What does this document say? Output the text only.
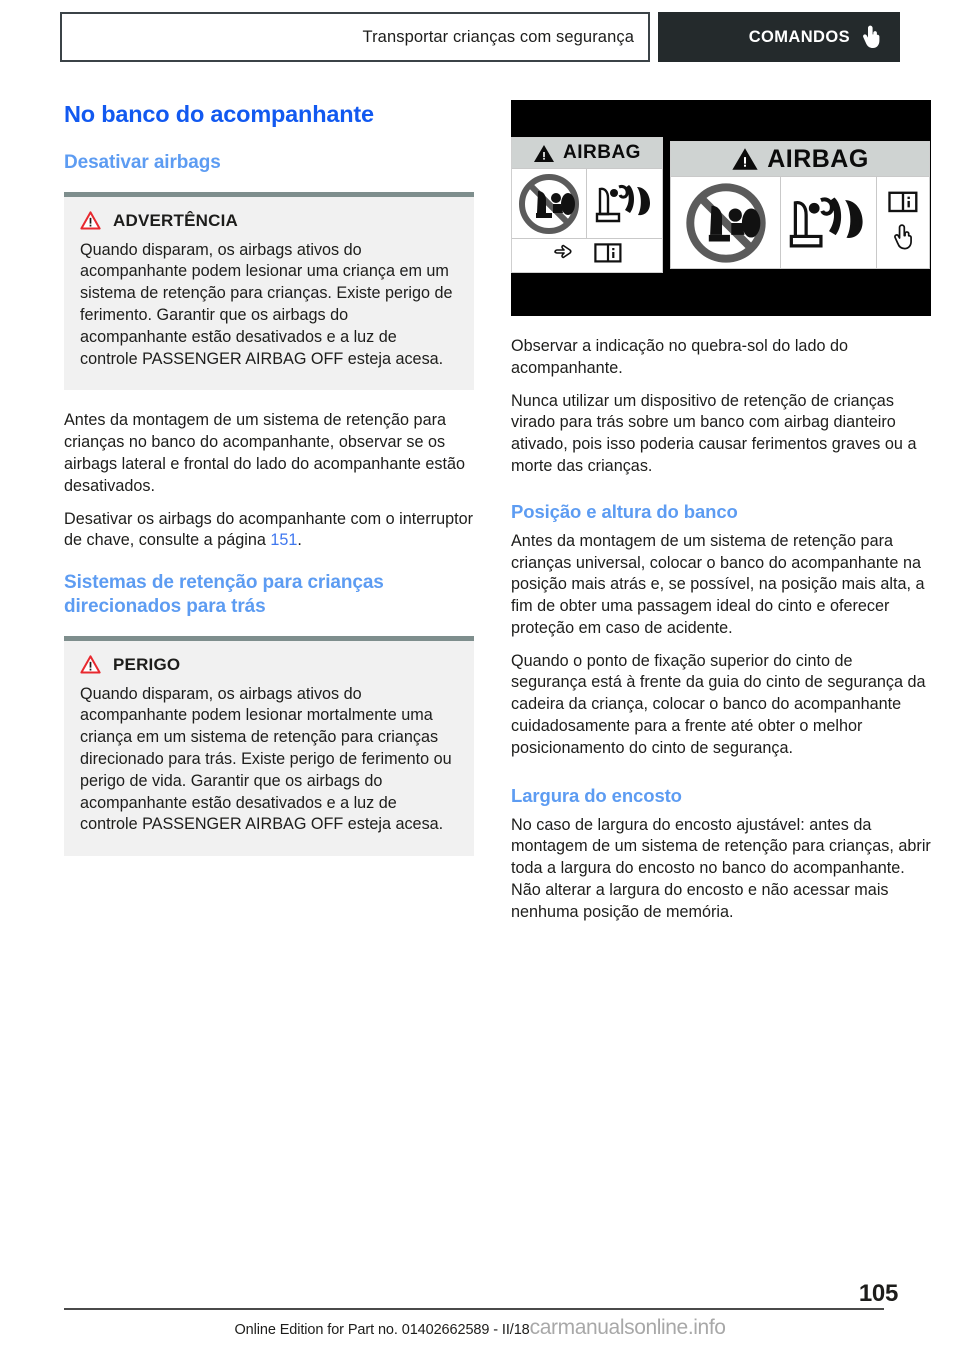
Transportar crianças com segurança	COMANDOS
No banco do acompanhante
Desativar airbags
ADVERTÊNCIA
Quando disparam, os airbags ativos do acompanhante podem lesionar uma criança em um sistema de retenção para crianças. Existe perigo de ferimento. Garantir que os airbags do acompanhante estão desativados e a luz de controle PASSENGER AIRBAG OFF esteja acesa.

Antes da montagem de um sistema de retenção para crianças no banco do acompanhante, observar se os airbags lateral e frontal do lado do acompanhante estão desativados.

Desativar os airbags do acompanhante com o interruptor de chave, consulte a página 151.

Sistemas de retenção para crianças direcionados para trás
PERIGO
Quando disparam, os airbags ativos do acompanhante podem lesionar mortalmente uma criança em um sistema de retenção para crianças direcionado para trás. Existe perigo de ferimento ou perigo de vida. Garantir que os airbags do acompanhante estão desativados e a luz de controle PASSENGER AIRBAG OFF esteja acesa.
AIRBAG	AIRBAG

Observar a indicação no quebra-sol do lado do acompanhante.

Nunca utilizar um dispositivo de retenção de crianças virado para trás sobre um banco com airbag dianteiro ativado, pois isso poderia causar ferimentos graves ou a morte das crianças.

Posição e altura do banco

Antes da montagem de um sistema de retenção para crianças universal, colocar o banco do acompanhante na posição mais atrás e, se possível, na posição mais alta, a fim de obter uma passagem ideal do cinto e oferecer proteção em caso de acidente.

Quando o ponto de fixação superior do cinto de segurança está à frente da guia do cinto de segurança da cadeira da criança, colocar o banco do acompanhante cuidadosamente para a frente até obter o melhor posicionamento do cinto de segurança.

Largura do encosto

No caso de largura do encosto ajustável: antes da montagem de um sistema de retenção para crianças, abrir toda a largura do encosto no banco do acompanhante. Não alterar a largura do encosto e não acessar mais nenhuma posição de memória.

105
Online Edition for Part no. 01402662589 - II/18 carmanualsonline.info
